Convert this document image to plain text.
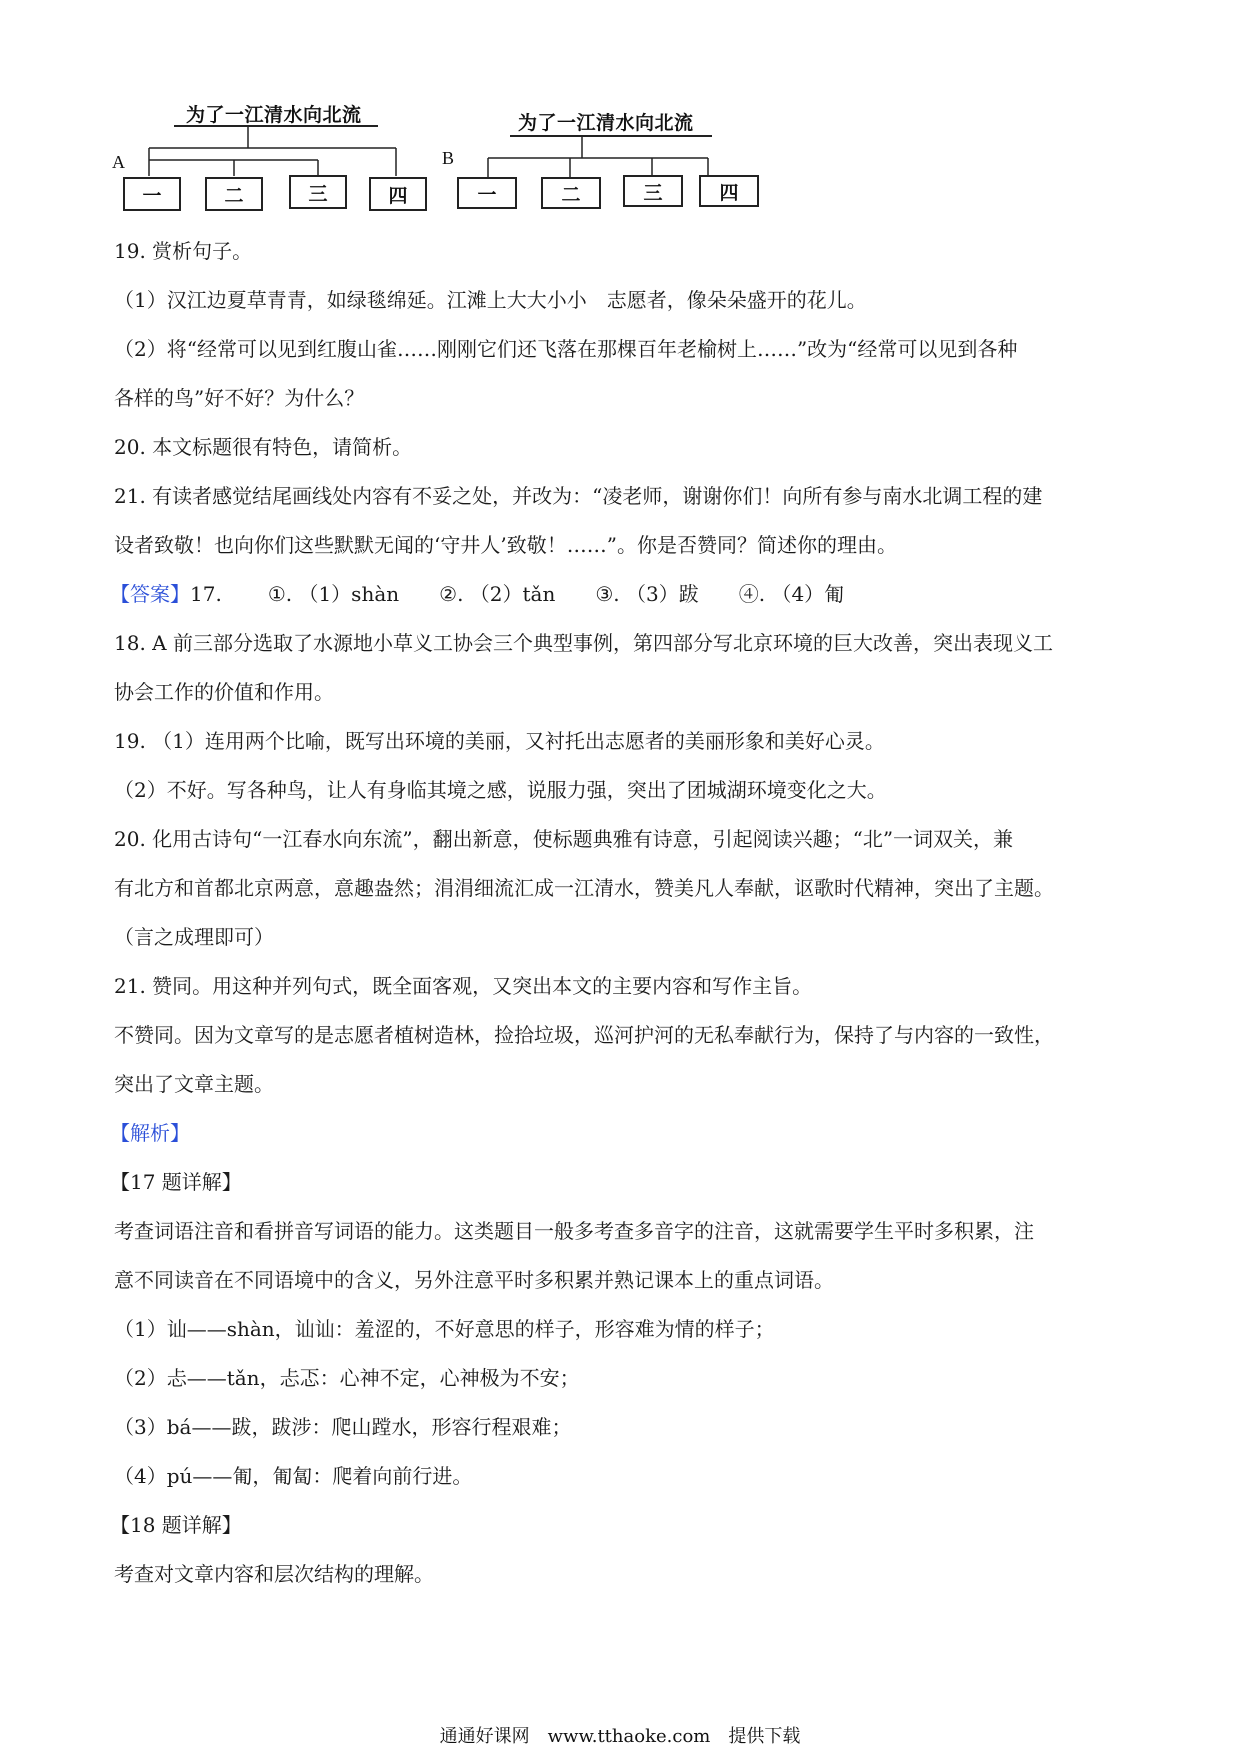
A
为了一江清水向北流
一	二	三	四
B
为了一江清水向北流
一	二	三	四
19. 赏析句子。
（1）汉江边夏草青青，如绿毯绵延。江滩上大大小小　志愿者，像朵朵盛开的花儿。
（2）将“经常可以见到红腹山雀……刚刚它们还飞落在那棵百年老榆树上……”改为“经常可以见到各种
各样的鸟”好不好？为什么？
20. 本文标题很有特色，请简析。
21. 有读者感觉结尾画线处内容有不妥之处，并改为：“凌老师，谢谢你们！向所有参与南水北调工程的建
设者致敬！也向你们这些默默无闻的‘守井人’致敬！……”。你是否赞同？简述你的理由。
【答案】17. ①. （1）shàn ②. （2）tǎn ③. （3）跋 ④. （4）匍
18. A 前三部分选取了水源地小草义工协会三个典型事例，第四部分写北京环境的巨大改善，突出表现义工
协会工作的价值和作用。
19. （1）连用两个比喻，既写出环境的美丽，又衬托出志愿者的美丽形象和美好心灵。
（2）不好。写各种鸟，让人有身临其境之感，说服力强，突出了团城湖环境变化之大。
20. 化用古诗句“一江春水向东流”，翻出新意，使标题典雅有诗意，引起阅读兴趣；“北”一词双关，兼
有北方和首都北京两意，意趣盎然；涓涓细流汇成一江清水，赞美凡人奉献，讴歌时代精神，突出了主题。
（言之成理即可）
21. 赞同。用这种并列句式，既全面客观，又突出本文的主要内容和写作主旨。
不赞同。因为文章写的是志愿者植树造林，捡拾垃圾，巡河护河的无私奉献行为，保持了与内容的一致性，
突出了文章主题。
【解析】
【17 题详解】
考查词语注音和看拼音写词语的能力。这类题目一般多考查多音字的注音，这就需要学生平时多积累，注
意不同读音在不同语境中的含义，另外注意平时多积累并熟记课本上的重点词语。
（1）讪——shàn，讪讪：羞涩的，不好意思的样子，形容难为情的样子；
（2）忐——tǎn，忐忑：心神不定，心神极为不安；
（3）bá——跋，跋涉：爬山蹚水，形容行程艰难；
（4）pú——匍，匍匐：爬着向前行进。
【18 题详解】
考查对文章内容和层次结构的理解。
通通好课网　www.tthaoke.com　提供下载
